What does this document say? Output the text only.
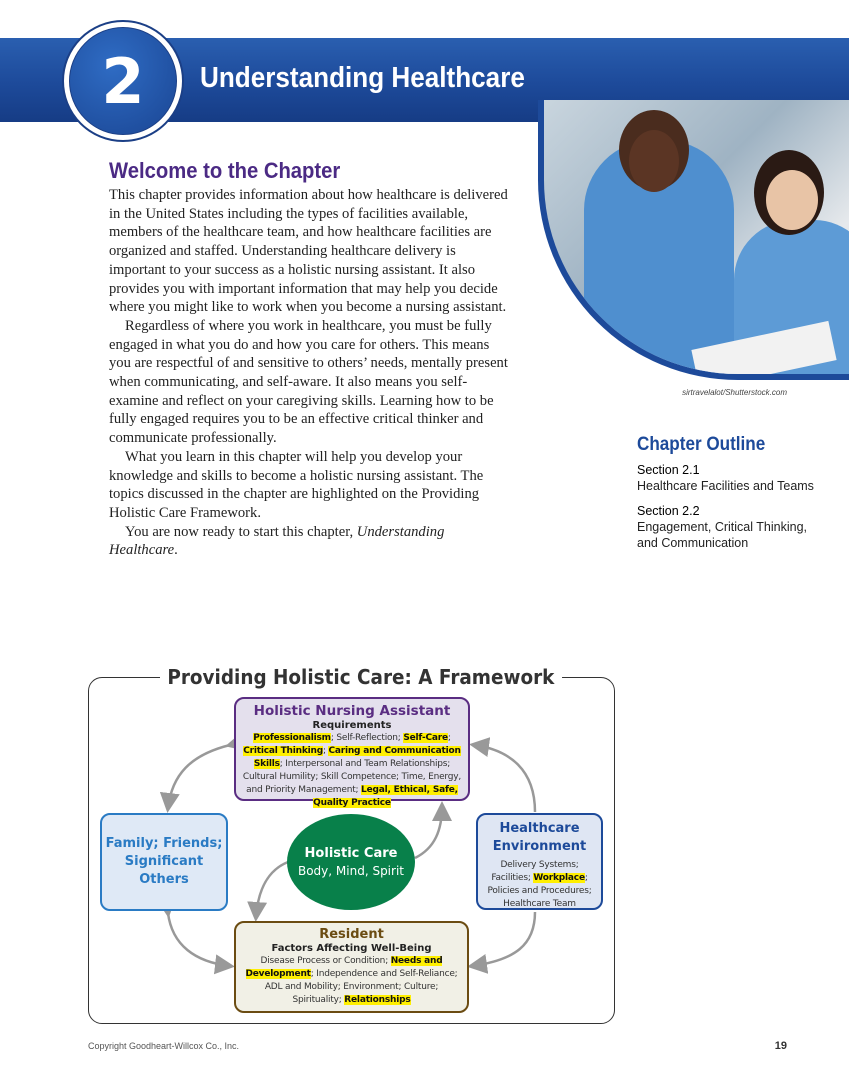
2	Understanding Healthcare
sirtravelalot/Shutterstock.com
Welcome to the Chapter

This chapter provides information about how healthcare is delivered in the United States including the types of facilities available, members of the healthcare team, and how healthcare facilities are organized and staffed. Understanding healthcare delivery is important to your success as a holistic nursing assistant. It also provides you with important information that may help you decide where you might like to work when you become a nursing assistant.

Regardless of where you work in healthcare, you must be fully engaged in what you do and how you care for others. This means you are respectful of and sensitive to others’ needs, mentally present when communicating, and self-aware. It also means you self-examine and reflect on your caregiving skills. Learning how to be fully engaged requires you to be an effective critical thinker and communicate professionally.

What you learn in this chapter will help you develop your knowledge and skills to become a holistic nursing assistant. The topics discussed in the chapter are highlighted on the Providing Holistic Care Framework.

You are now ready to start this chapter, Understanding Healthcare.

Chapter Outline
Section 2.1
Healthcare Facilities and Teams
Section 2.2
Engagement, Critical Thinking, and Communication
Providing Holistic Care: A Framework
Holistic Nursing Assistant
Requirements
Professionalism; Self-Reflection; Self-Care; Critical Thinking; Caring and Communication Skills; Interpersonal and Team Relationships; Cultural Humility; Skill Competence; Time, Energy, and Priority Management; Legal, Ethical, Safe, Quality Practice
Healthcare Environment
Delivery Systems; Facilities; Workplace; Policies and Procedures; Healthcare Team
Family; Friends; Significant Others
Holistic Care
Body, Mind, Spirit
Resident
Factors Affecting Well-Being
Disease Process or Condition; Needs and Development; Independence and Self-Reliance; ADL and Mobility; Environment; Culture; Spirituality; Relationships
Copyright Goodheart-Willcox Co., Inc.	19
